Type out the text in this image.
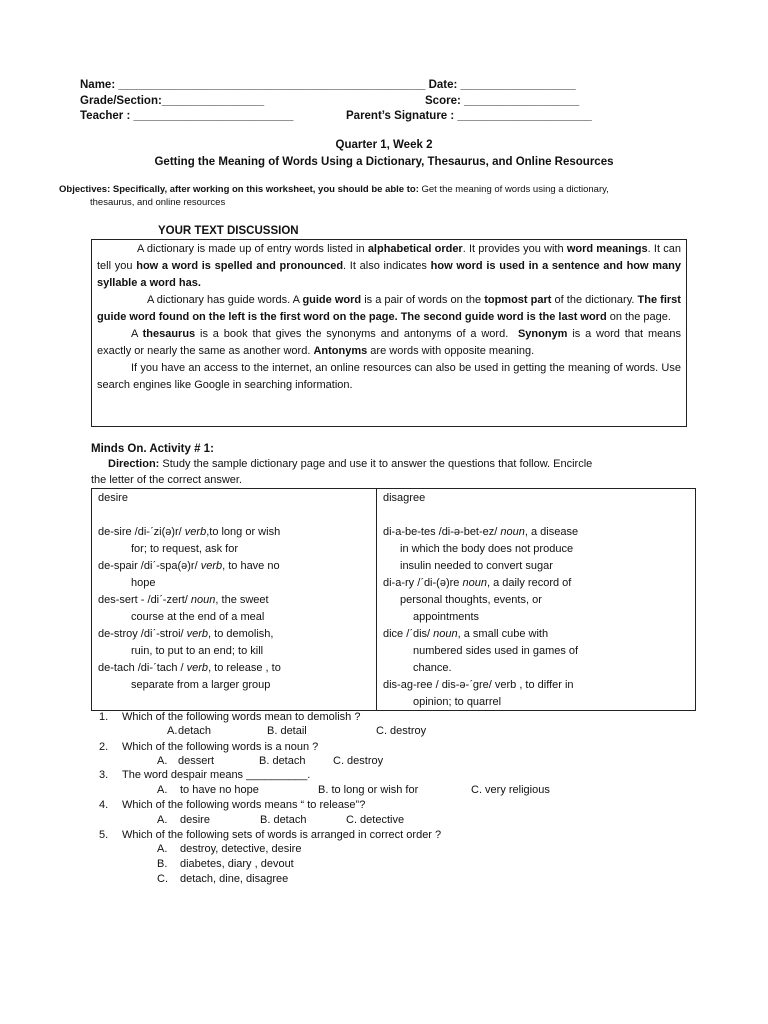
Name: ________________________________________________ Date: __________________
Grade/Section:________________	Score: __________________
Teacher : _________________________	Parent’s Signature : _____________________
Quarter 1, Week 2
Getting the Meaning of Words Using a Dictionary, Thesaurus, and Online Resources
Objectives: Specifically, after working on this worksheet, you should be able to: Get the meaning of words using a dictionary,
thesaurus, and online resources
YOUR TEXT DISCUSSION

A dictionary is made up of entry words listed in alphabetical order. It provides you with word meanings. It can tell you how a word is spelled and pronounced. It also indicates how word is used in a sentence and how many syllable a word has.

A dictionary has guide words. A guide word is a pair of words on the topmost part of the dictionary. The first guide word found on the left is the first word on the page. The second guide word is the last word on the page.

A thesaurus is a book that gives the synonyms and antonyms of a word. Synonym is a word that means exactly or nearly the same as another word. Antonyms are words with opposite meaning.

If you have an access to the internet, an online resources can also be used in getting the meaning of words. Use search engines like Google in searching information.

Minds On. Activity # 1:
Direction: Study the sample dictionary page and use it to answer the questions that follow. Encircle
the letter of the correct answer.
desire

de-sire /di-ˊzi(ə)r/ verb,to long or wish
for; to request, ask for
de-spair /diˊ-spa(ə)r/ verb, to have no
hope
des-sert - /diˊ-zert/ noun, the sweet
course at the end of a meal
de-stroy /diˊ-stroi/ verb, to demolish,
ruin, to put to an end; to kill
de-tach /di-ˊtach / verb, to release , to
separate from a larger group
disagree

di-a-be-tes /di-ə-bet-ez/ noun, a disease
in which the body does not produce
insulin needed to convert sugar
di-a-ry /ˊdi-(ə)re noun, a daily record of
personal thoughts, events, or
appointments
dice /ˊdis/ noun, a small cube with
numbered sides used in games of
chance.
dis-ag-ree / dis-ə-ˊgre/ verb , to differ in
opinion; to quarrel
1. Which of the following words mean to demolish ?
A. detach	B. detail	C. destroy
2. Which of the following words is a noun ?
A. dessert	B. detach	C. destroy
3. The word despair means __________.
A. to have no hope	B. to long or wish for	C. very religious
4. Which of the following words means “ to release”?
A. desire	B. detach	C. detective
5. Which of the following sets of words is arranged in correct order ?
A. destroy, detective, desire
B. diabetes, diary , devout
C. detach, dine, disagree
